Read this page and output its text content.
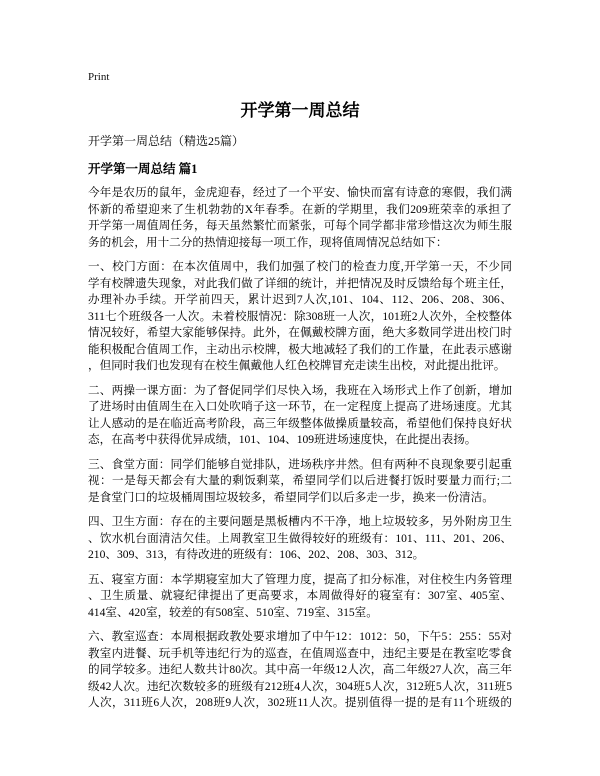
Print
开学第一周总结
开学第一周总结（精选25篇）
开学第一周总结 篇1
今年是农历的鼠年，金虎迎春，经过了一个平安、愉快而富有诗意的寒假，我们满
怀新的希望迎来了生机勃勃的X年春季。在新的学期里，我们209班荣幸的承担了
开学第一周值周任务，每天虽然繁忙而紧张，可每个同学都非常珍惜这次为师生服
务的机会，用十二分的热情迎接每一项工作，现将值周情况总结如下：
一、校门方面：在本次值周中，我们加强了校门的检查力度,开学第一天，不少同
学有校牌遗失现象，对此我们做了详细的统计，并把情况及时反馈给每个班主任，
办理补办手续。开学前四天，累计迟到7人次,101、104、112、206、208、306、
311七个班级各一人次。未着校服情况：除308班一人次，101班2人次外，全校整体
情况较好，希望大家能够保持。此外，在佩戴校牌方面，绝大多数同学进出校门时
能积极配合值周工作，主动出示校牌，极大地减轻了我们的工作量，在此表示感谢
，但同时我们也发现有在校生佩戴他人红色校牌冒充走读生出校，对此提出批评。
二、两操一课方面：为了督促同学们尽快入场，我班在入场形式上作了创新，增加
了进场时由值周生在入口处吹哨子这一环节，在一定程度上提高了进场速度。尤其
让人感动的是在临近高考阶段，高三年级整体做操质量较高，希望他们保持良好状
态，在高考中获得优异成绩，101、104、109班进场速度快，在此提出表扬。
三、食堂方面：同学们能够自觉排队，进场秩序井然。但有两种不良现象要引起重
视：一是每天都会有大量的剩饭剩菜，希望同学们以后进餐打饭时要量力而行;二
是食堂门口的垃圾桶周围垃圾较多，希望同学们以后多走一步，换来一份清洁。
四、卫生方面：存在的主要问题是黑板槽内不干净，地上垃圾较多，另外附房卫生
、饮水机台面清洁欠佳。上周教室卫生做得较好的班级有：101、111、201、206、
210、309、313，有待改进的班级有：106、202、208、303、312。
五、寝室方面：本学期寝室加大了管理力度，提高了扣分标准，对住校生内务管理
、卫生质量、就寝纪律提出了更高要求，本周做得好的寝室有：307室、405室、
414室、420室，较差的有508室、510室、719室、315室。
六、教室巡查：本周根据政教处要求增加了中午12：1012：50，下午5：255：55对
教室内进餐、玩手机等违纪行为的巡查，在值周巡查中，违纪主要是在教室吃零食
的同学较多。违纪人数共计80次。其中高一年级12人次，高二年级27人次，高三年
级42人次。违纪次数较多的班级有212班4人次，304班5人次，312班5人次，311班5
人次，311班6人次，208班9人次，302班11人次。提别值得一提的是有11个班级的
